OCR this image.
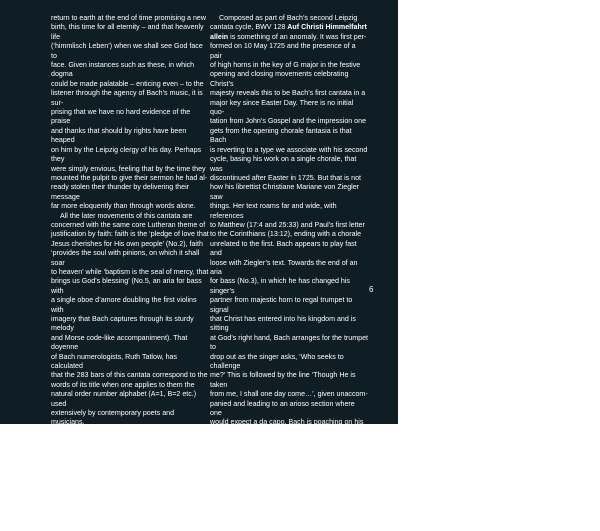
return to earth at the end of time promising a new
birth, this time for all eternity – and that heavenly life
(‘himmlisch Leben’) when we shall see God face to
face. Given instances such as these, in which dogma
could be made palatable – enticing even – to the
listener through the agency of Bach’s music, it is sur-
prising that we have no hard evidence of the praise
and thanks that should by rights have been heaped
on him by the Leipzig clergy of his day. Perhaps they
were simply envious, feeling that by the time they
mounted the pulpit to give their sermon he had al-
ready stolen their thunder by delivering their message
far more eloquently than through words alone.

All the later movements of this cantata are
concerned with the same core Lutheran theme of
justification by faith: faith is the ‘pledge of love that
Jesus cherishes for His own people’ (No.2), faith
‘provides the soul with pinions, on which it shall soar
to heaven’ while ‘baptism is the seal of mercy, that
brings us God’s blessing’ (No.5, an aria for bass with
a single oboe d’amore doubling the first violins with
imagery that Bach captures through its sturdy melody
and Morse code-like accompaniment). That doyenne
of Bach numerologists, Ruth Tatlow, has calculated
that the 283 bars of this cantata correspond to the
words of its title when one applies to them the
natural order number alphabet (A=1, B=2 etc.) used
extensively by contemporary poets and musicians.
By this system ‘Wer’ becomes 43, ‘da’ becomes 5
and so on, so that 43+5+70+37+77+51=283. Once
you have counted all 250 separate bars in Bach’s
score and added in the 33-bar da capo section of
the second movement, you have to concede that
this is a bit too exact to be coincidental.

Composed as part of Bach’s second Leipzig
cantata cycle, BWV 128 Auf Christi Himmelfahrt
allein is something of an anomaly. It was first per-
formed on 10 May 1725 and the presence of a pair
of high horns in the key of G major in the festive
opening and closing movements celebrating Christ’s
majesty reveals this to be Bach’s first cantata in a
major key since Easter Day. There is no initial quo-
tation from John’s Gospel and the impression one
gets from the opening chorale fantasia is that Bach
is reverting to a type we associate with his second
cycle, basing his work on a single chorale, that was
discontinued after Easter in 1725. But that is not
how his librettist Christiane Mariane von Ziegler saw
things. Her text roams far and wide, with references
to Matthew (17:4 and 25:33) and Paul’s first letter
to the Corinthians (13:12), ending with a chorale
unrelated to the first. Bach appears to play fast and
loose with Ziegler’s text. Towards the end of an aria
for bass (No.3), in which he has changed his singer’s
partner from majestic horn to regal trumpet to signal
that Christ has entered into his kingdom and is sitting
at God’s right hand, Bach arranges for the trumpet to
drop out as the singer asks, ‘Who seeks to challenge
me?’ This is followed by the line ‘Though He is taken
from me, I shall one day come…’, given unaccom-
panied and leading to an arioso section where one
would expect a da capo. Bach is poaching on his
librettist’s terrain: he welds together her intended
pairing of aria and recitative to form a single, highly
unusual structure: ritornello – vocal ‘A’ – vocal ‘B’ –
arioso – ritornello. He then interpolates a connecting
line of his own ‘… wo mein Erlöser lebt’ (‘… to where
my Redeemer lives’) to act as a bridge to the arioso

6
